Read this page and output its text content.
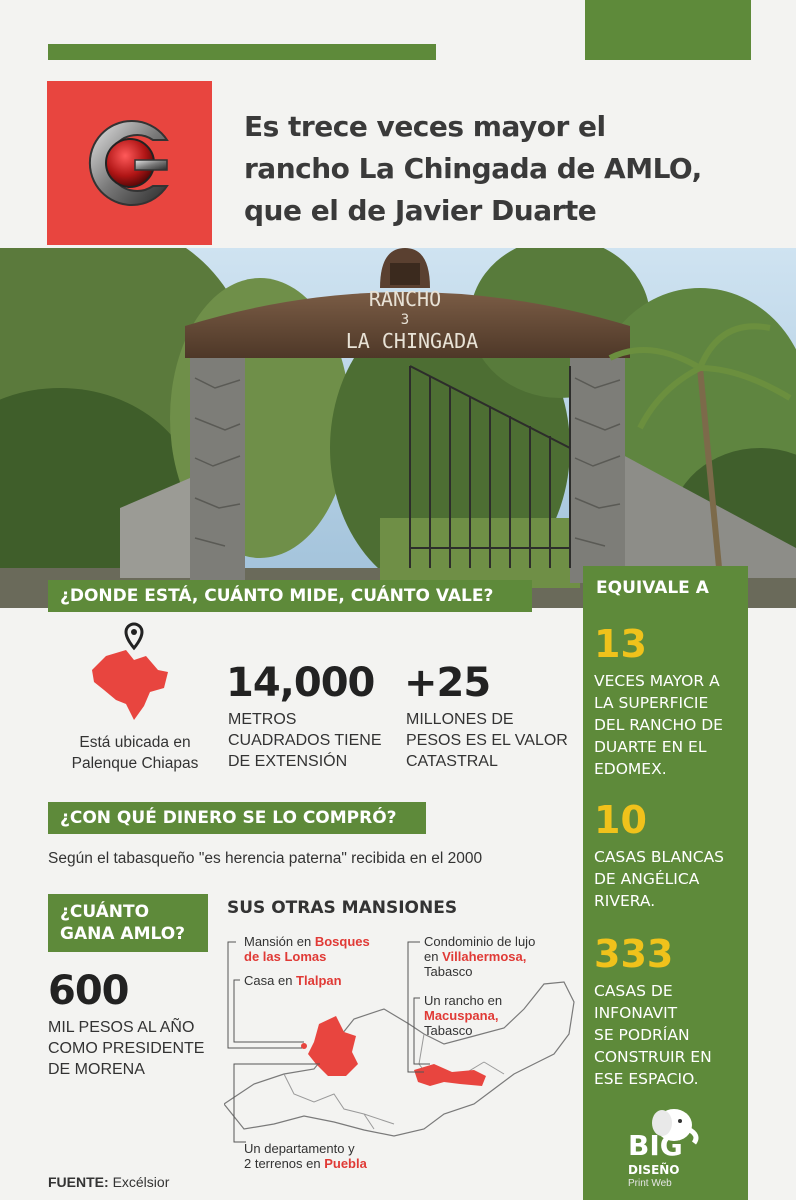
Es trece veces mayor el
rancho La Chingada de AMLO,
que el de Javier Duarte
RANCHO
3
LA CHINGADA
¿DONDE ESTÁ, CUÁNTO MIDE, CUÁNTO VALE?	EQUIVALE A
13
VECES MAYOR A
LA SUPERFICIE
DEL RANCHO DE
DUARTE EN EL
EDOMEX.
10
CASAS BLANCAS
DE ANGÉLICA
RIVERA.
333
CASAS DE
INFONAVIT
SE PODRÍAN
CONSTRUIR EN
ESE ESPACIO.
BIG
DISEÑO
Print Web
Está ubicada en
Palenque Chiapas
14,000
METROS
CUADRADOS TIENE
DE EXTENSIÓN
+25
MILLONES DE
PESOS ES EL VALOR
CATASTRAL
¿CON QUÉ DINERO SE LO COMPRÓ?
Según el tabasqueño "es herencia paterna" recibida en el 2000
¿CUÁNTO
GANA AMLO?
600
MIL PESOS AL AÑO
COMO PRESIDENTE
DE MORENA
FUENTE: Excélsior
SUS OTRAS MANSIONES
Mansión en Bosques
de las Lomas
Casa en Tlalpan
Condominio de lujo
en Villahermosa,
Tabasco
Un rancho en
Macuspana,
Tabasco
Un departamento y
2 terrenos en Puebla
